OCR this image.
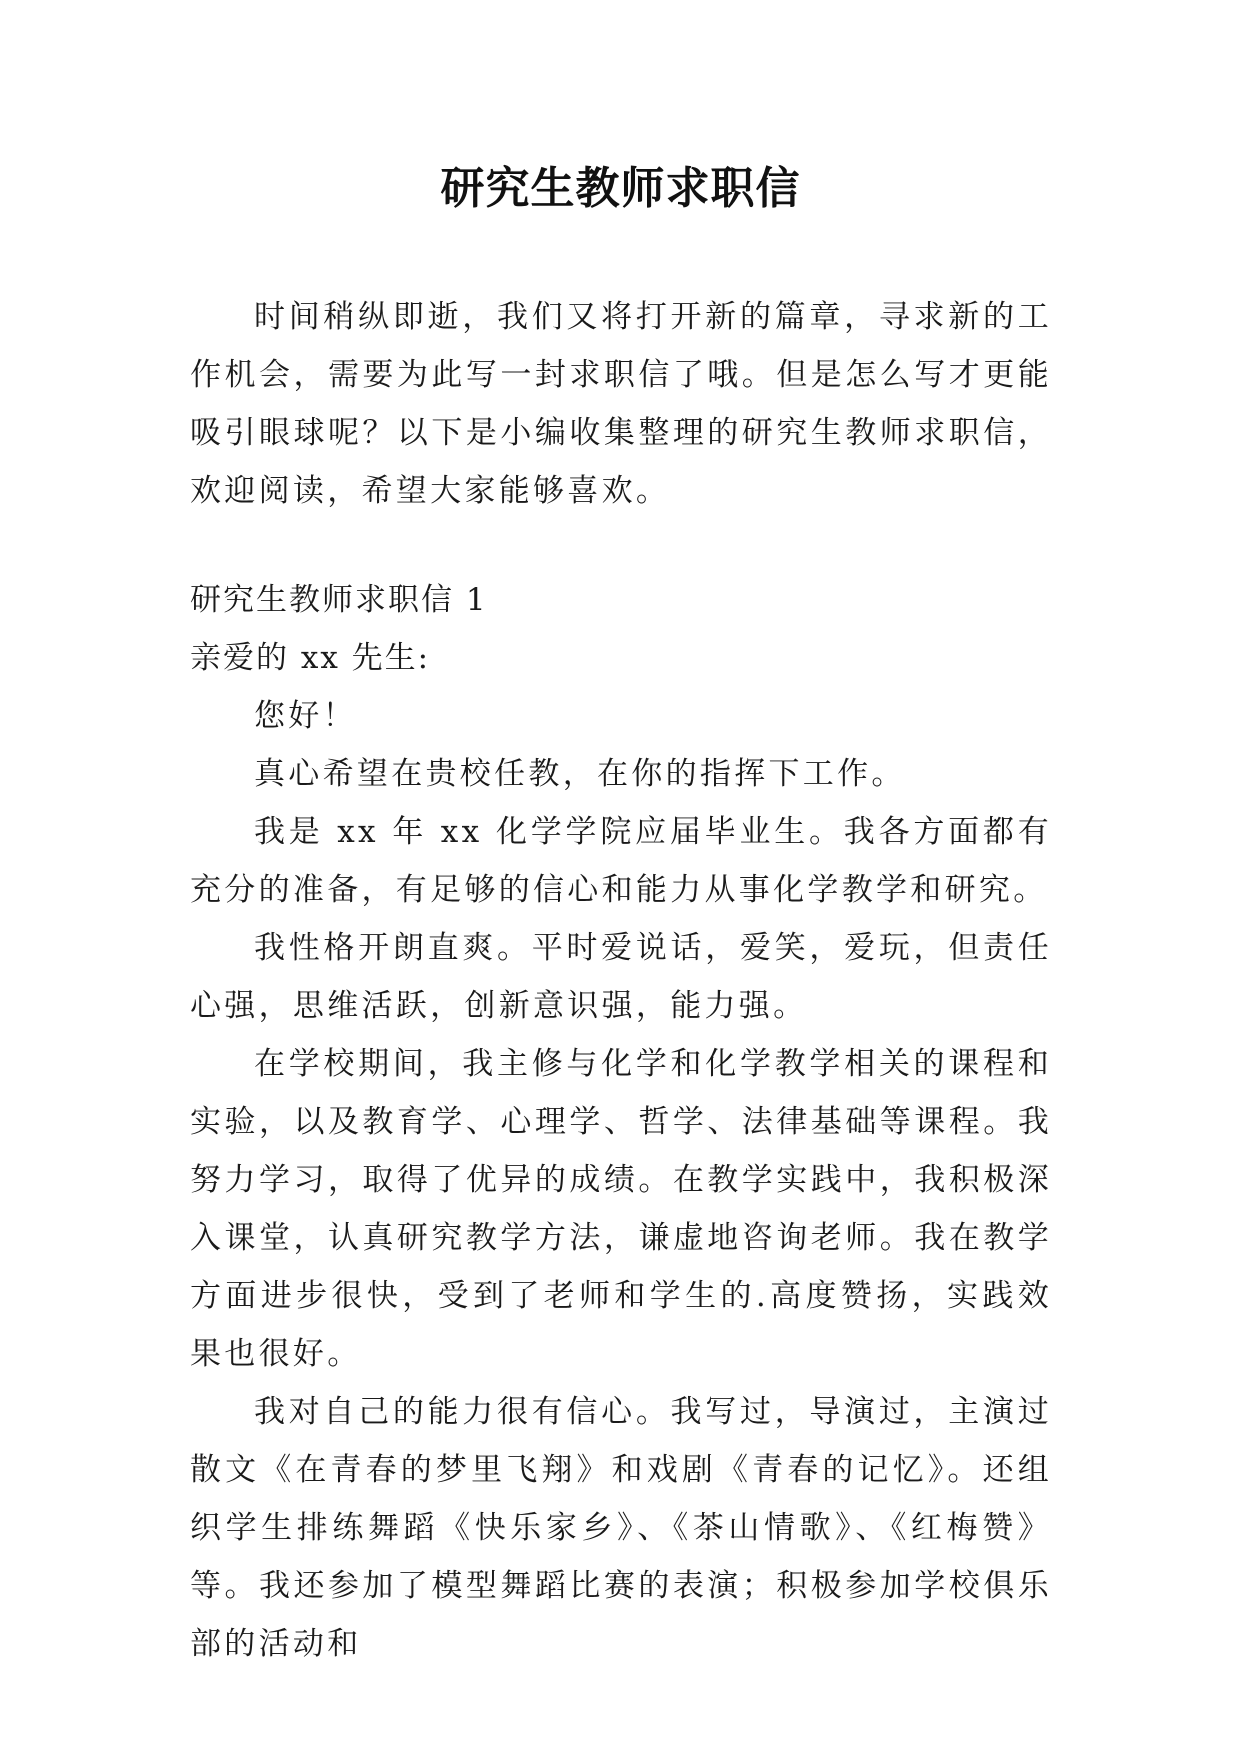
研究生教师求职信

时间稍纵即逝，我们又将打开新的篇章，寻求新的工作机会，需要为此写一封求职信了哦。但是怎么写才更能吸引眼球呢？以下是小编收集整理的研究生教师求职信，欢迎阅读，希望大家能够喜欢。

研究生教师求职信 1

亲爱的 xx 先生:

您好！

真心希望在贵校任教，在你的指挥下工作。

我是 xx 年 xx 化学学院应届毕业生。我各方面都有充分的准备，有足够的信心和能力从事化学教学和研究。

我性格开朗直爽。平时爱说话，爱笑，爱玩，但责任心强，思维活跃，创新意识强，能力强。

在学校期间，我主修与化学和化学教学相关的课程和实验，以及教育学、心理学、哲学、法律基础等课程。我努力学习，取得了优异的成绩。在教学实践中，我积极深入课堂，认真研究教学方法，谦虚地咨询老师。我在教学方面进步很快，受到了老师和学生的.高度赞扬，实践效果也很好。

我对自己的能力很有信心。我写过，导演过，主演过散文《在青春的梦里飞翔》和戏剧《青春的记忆》。还组织学生排练舞蹈《快乐家乡》、《茶山情歌》、《红梅赞》等。我还参加了模型舞蹈比赛的表演；积极参加学校俱乐部的活动和
